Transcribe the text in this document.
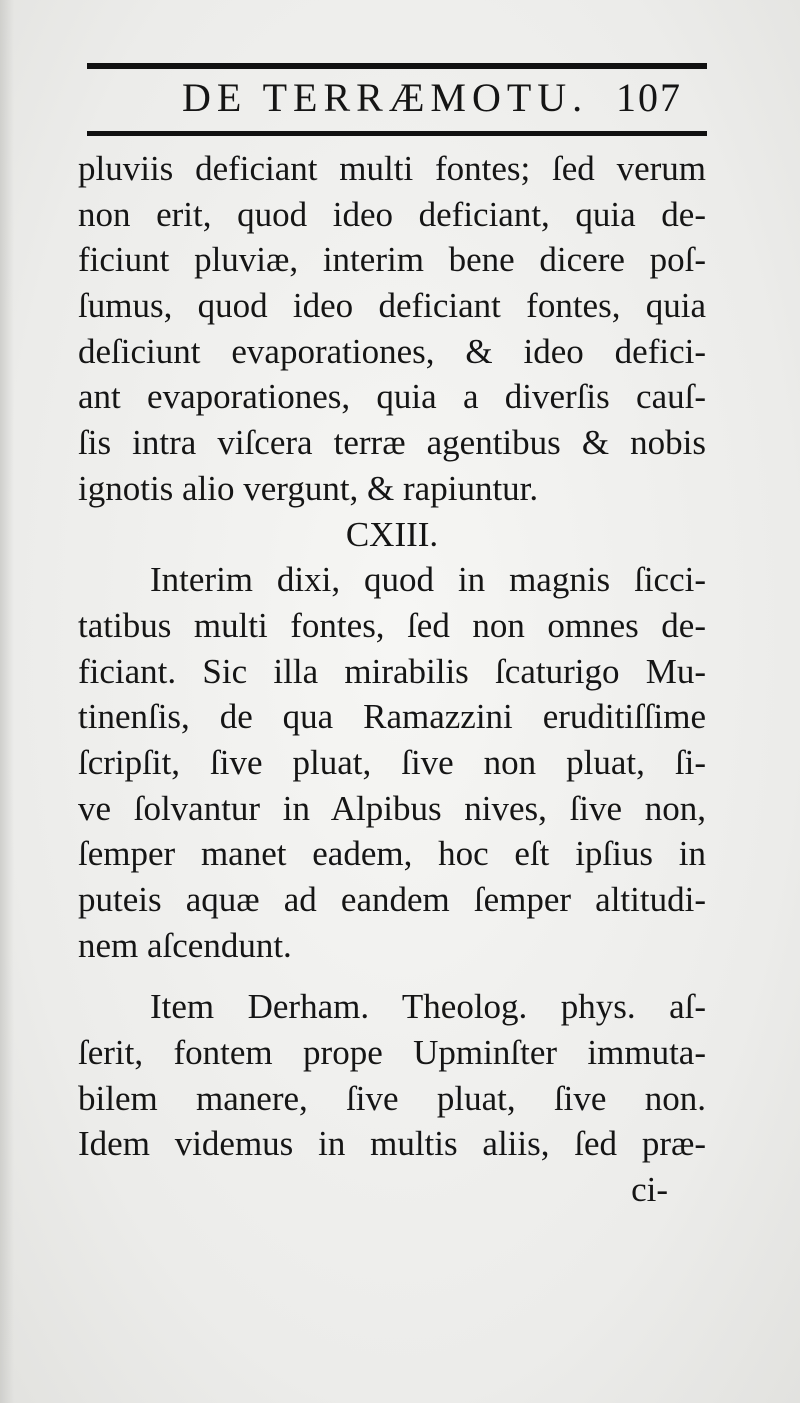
DE TERRÆMOTU. 107
pluviis deficiant multi fontes; ſed verum
non erit, quod ideo deficiant, quia de-
ficiunt pluviæ, interim bene dicere poſ-
ſumus, quod ideo deficiant fontes, quia
deſiciunt evaporationes, & ideo defici-
ant evaporationes, quia a diverſis cauſ-
ſis intra viſcera terræ agentibus & nobis
ignotis alio vergunt, & rapiuntur.
CXIII.
Interim dixi, quod in magnis ſicci-
tatibus multi fontes, ſed non omnes de-
ficiant. Sic illa mirabilis ſcaturigo Mu-
tinenſis, de qua Ramazzini eruditiſſime
ſcripſit, ſive pluat, ſive non pluat, ſi-
ve ſolvantur in Alpibus nives, ſive non,
ſemper manet eadem, hoc eſt ipſius in
puteis aquæ ad eandem ſemper altitudi-
nem aſcendunt.
Item Derham. Theolog. phys. aſ-
ſerit, fontem prope Upminſter immuta-
bilem manere, ſive pluat, ſive non.
Idem videmus in multis aliis, ſed præ-
ci-
